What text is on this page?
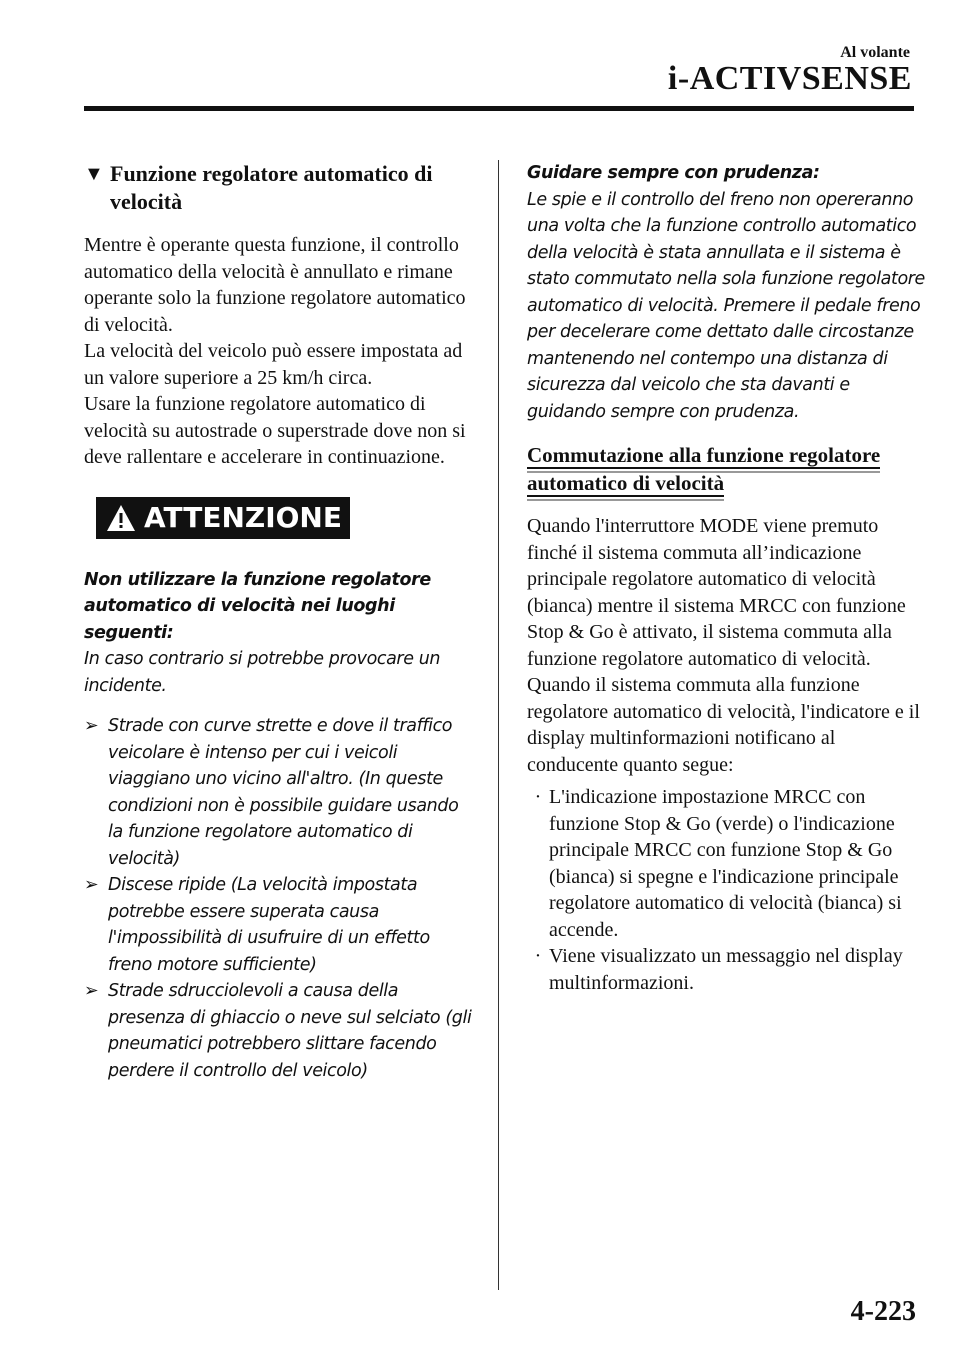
Al volante
i-ACTIVSENSE
▼ Funzione regolatore automatico di velocità

Mentre è operante questa funzione, il controllo automatico della velocità è annullato e rimane operante solo la funzione regolatore automatico di velocità.

La velocità del veicolo può essere impostata ad un valore superiore a 25 km/h circa.

Usare la funzione regolatore automatico di velocità su autostrade o superstrade dove non si deve rallentare e accelerare in continuazione.

ATTENZIONE
Non utilizzare la funzione regolatore automatico di velocità nei luoghi seguenti:
In caso contrario si potrebbe provocare un incidente.
➢ Strade con curve strette e dove il traffico veicolare è intenso per cui i veicoli viaggiano uno vicino all'altro. (In queste condizioni non è possibile guidare usando la funzione regolatore automatico di velocità)
➢ Discese ripide (La velocità impostata potrebbe essere superata causa l'impossibilità di usufruire di un effetto freno motore sufficiente)
➢ Strade sdrucciolevoli a causa della presenza di ghiaccio o neve sul selciato (gli pneumatici potrebbero slittare facendo perdere il controllo del veicolo)
Guidare sempre con prudenza:
Le spie e il controllo del freno non opereranno una volta che la funzione controllo automatico della velocità è stata annullata e il sistema è stato commutato nella sola funzione regolatore automatico di velocità. Premere il pedale freno per decelerare come dettato dalle circostanze mantenendo nel contempo una distanza di sicurezza dal veicolo che sta davanti e guidando sempre con prudenza.
Commutazione alla funzione regolatore automatico di velocità

Quando l'interruttore MODE viene premuto finché il sistema commuta all’indicazione principale regolatore automatico di velocità (bianca) mentre il sistema MRCC con funzione Stop & Go è attivato, il sistema commuta alla funzione regolatore automatico di velocità.

Quando il sistema commuta alla funzione regolatore automatico di velocità, l'indicatore e il display multinformazioni notificano al conducente quanto segue:

· L'indicazione impostazione MRCC con funzione Stop & Go (verde) o l'indicazione principale MRCC con funzione Stop & Go (bianca) si spegne e l'indicazione principale regolatore automatico di velocità (bianca) si accende.
· Viene visualizzato un messaggio nel display multinformazioni.
4-223
